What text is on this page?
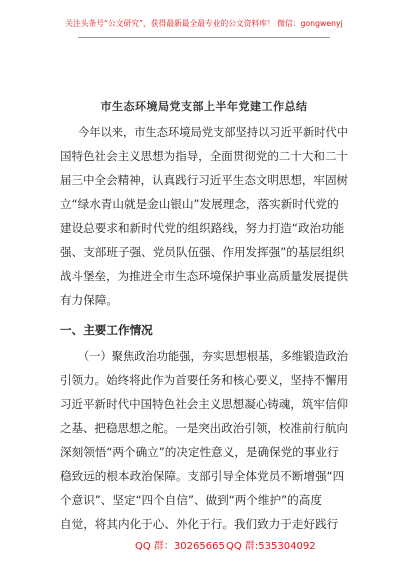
关注头条号“公文研究”，获得最新最全最专业的公文资料库！ 微信：gongwenyj
市生态环境局党支部上半年党建工作总结
今年以来，市生态环境局党支部坚持以习近平新时代中
国特色社会主义思想为指导，全面贯彻党的二十大和二十
届三中全会精神，认真践行习近平生态文明思想，牢固树
立“绿水青山就是金山银山”发展理念，落实新时代党的
建设总要求和新时代党的组织路线，努力打造“政治功能
强、支部班子强、党员队伍强、作用发挥强”的基层组织
战斗堡垒，为推进全市生态环境保护事业高质量发展提供
有力保障。
一、主要工作情况
（一）聚焦政治功能强，夯实思想根基，多维锻造政治
引领力。始终将此作为首要任务和核心要义，坚持不懈用
习近平新时代中国特色社会主义思想凝心铸魂，筑牢信仰
之基、把稳思想之舵。一是突出政治引领，校准前行航向
深刻领悟“两个确立”的决定性意义，是确保党的事业行
稳致远的根本政治保障。支部引导全体党员不断增强“四
个意识”、坚定“四个自信”、做到“两个维护”的高度
自觉，将其内化于心、外化于行。我们致力于走好践行
QQ 群：30265665 QQ 群:535304092
